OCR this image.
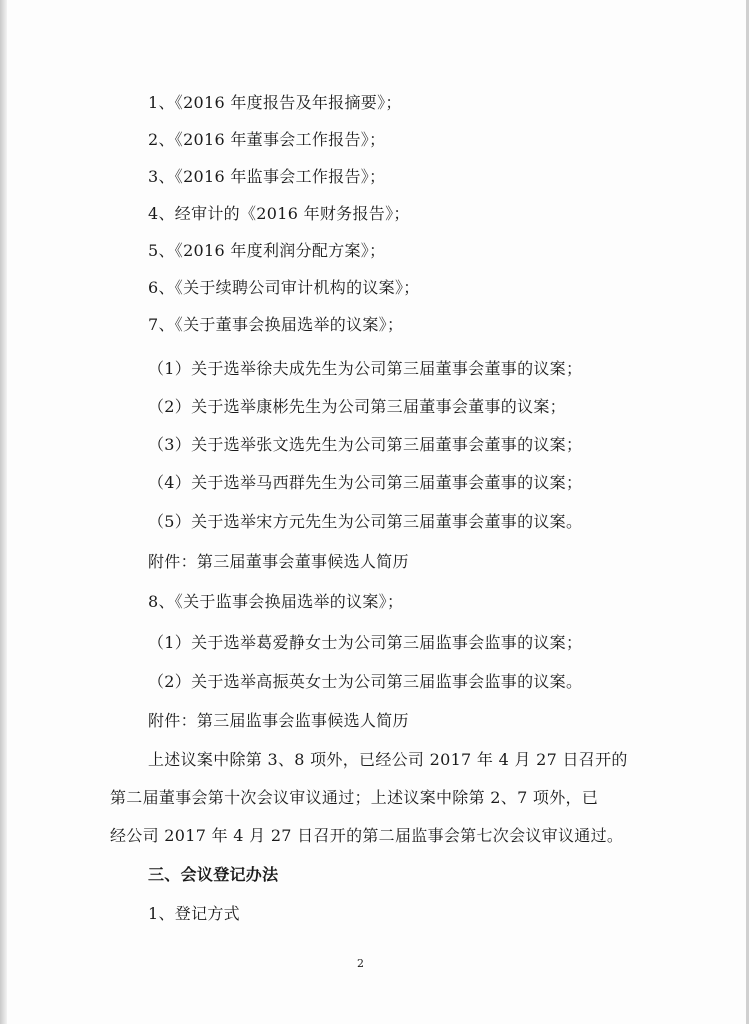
1、《2016 年度报告及年报摘要》；
2、《2016 年董事会工作报告》；
3、《2016 年监事会工作报告》；
4、经审计的《2016 年财务报告》；
5、《2016 年度利润分配方案》；
6、《关于续聘公司审计机构的议案》；
7、《关于董事会换届选举的议案》；
（1）关于选举徐夫成先生为公司第三届董事会董事的议案；
（2）关于选举康彬先生为公司第三届董事会董事的议案；
（3）关于选举张文选先生为公司第三届董事会董事的议案；
（4）关于选举马西群先生为公司第三届董事会董事的议案；
（5）关于选举宋方元先生为公司第三届董事会董事的议案。
附件：第三届董事会董事候选人简历
8、《关于监事会换届选举的议案》；
（1）关于选举葛爱静女士为公司第三届监事会监事的议案；
（2）关于选举高振英女士为公司第三届监事会监事的议案。
附件：第三届监事会监事候选人简历
上述议案中除第 3、8 项外，已经公司 2017 年 4 月 27 日召开的
第二届董事会第十次会议审议通过；上述议案中除第 2、7 项外，已
经公司 2017 年 4 月 27 日召开的第二届监事会第七次会议审议通过。
三、会议登记办法
1、登记方式
2
